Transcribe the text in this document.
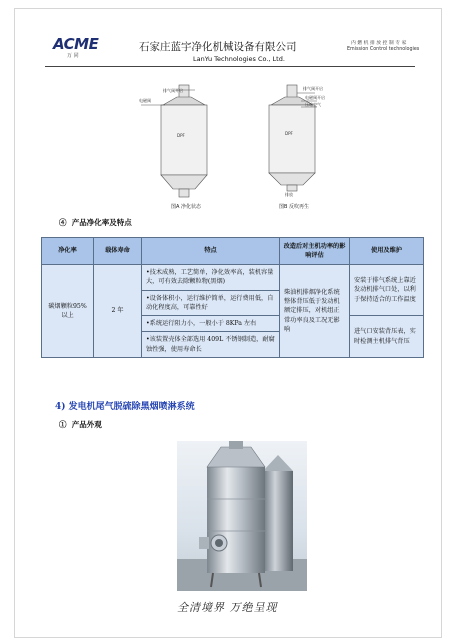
ACME
万 同
石家庄蓝宇净化机械设备有限公司
LanYu Technologies Co., Ltd.
内 燃 机 排 放 控 制 专 家
Emission Control technologies
排气阀开启
电磁阀
DPF
图A 净化状态
排气阀开启
电磁阀开启
压缩空气
DPF
排放
图B 反吹再生
④ 产品净化率及特点
净化率	载体寿命	特点	改造后对主机功率的影响评估	使用及维护
碳烟颗粒95%以上	2 年	•技术成熟，工艺简单，净化效率高，装机容量大，可有效去除颗粒物(黑烟)	柴油机排烟净化系统整体背压低于发动机额定排压，对机组正常功率良及工况无影响	安装于排气系统上靠近发动机排气口处，以利于保持适合的工作温度
		•设备体积小，运行维护简单，运行费用低，自动化程度高，可靠性好		
		•系统运行阻力小，一般小于 8KPa 左右		进气口安装背压表，实时检测主机排气背压
		•该装置壳体全部选用 409L 不锈钢制造，耐腐蚀性强，使用寿命长		
4) 发电机尾气脱硫除黑烟喷淋系统
① 产品外观
全清境界 万绝呈现
